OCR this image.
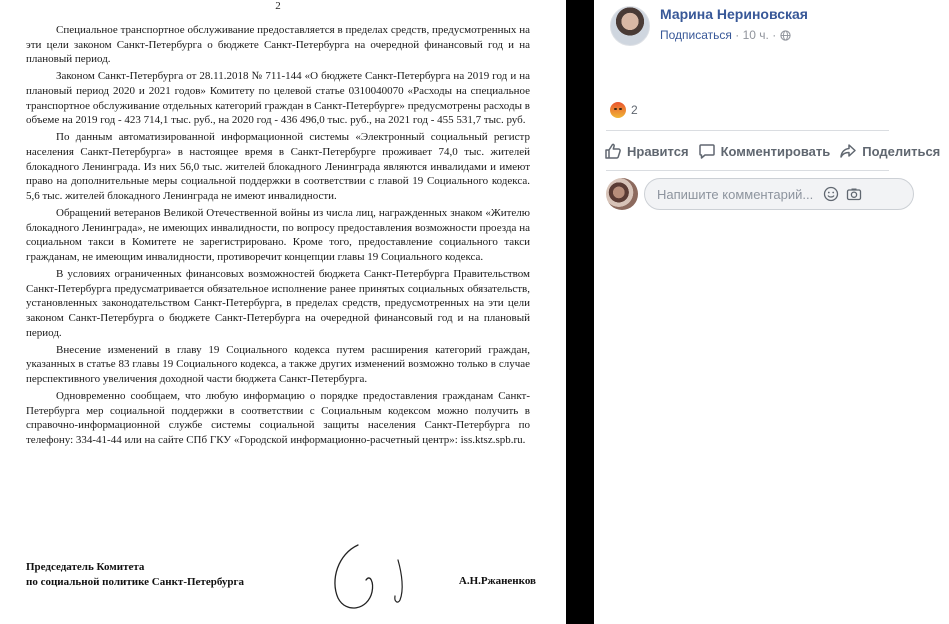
2

Специальное транспортное обслуживание предоставляется в пределах средств, предусмотренных на эти цели законом Санкт-Петербурга о бюджете Санкт-Петербурга на очередной финансовый год и на плановый период.

Законом Санкт-Петербурга от 28.11.2018 № 711-144 «О бюджете Санкт-Петербурга на 2019 год и на плановый период 2020 и 2021 годов» Комитету по целевой статье 0310040070 «Расходы на специальное транспортное обслуживание отдельных категорий граждан в Санкт-Петербурге» предусмотрены расходы в объеме на 2019 год - 423 714,1 тыс. руб., на 2020 год - 436 496,0 тыс. руб., на 2021 год - 455 531,7 тыс. руб.

По данным автоматизированной информационной системы «Электронный социальный регистр населения Санкт-Петербурга» в настоящее время в Санкт-Петербурге проживает 74,0 тыс. жителей блокадного Ленинграда. Из них 56,0 тыс. жителей блокадного Ленинграда являются инвалидами и имеют право на дополнительные меры социальной поддержки в соответствии с главой 19 Социального кодекса. 5,6 тыс. жителей блокадного Ленинграда не имеют инвалидности.

Обращений ветеранов Великой Отечественной войны из числа лиц, награжденных знаком «Жителю блокадного Ленинграда», не имеющих инвалидности, по вопросу предоставления возможности проезда на социальном такси в Комитете не зарегистрировано. Кроме того, предоставление социального такси гражданам, не имеющим инвалидности, противоречит концепции главы 19 Социального кодекса.

В условиях ограниченных финансовых возможностей бюджета Санкт-Петербурга Правительством Санкт-Петербурга предусматривается обязательное исполнение ранее принятых социальных обязательств, установленных законодательством Санкт-Петербурга, в пределах средств, предусмотренных на эти цели законом Санкт-Петербурга о бюджете Санкт-Петербурга на очередной финансовый год и на плановый период.

Внесение изменений в главу 19 Социального кодекса путем расширения категорий граждан, указанных в статье 83 главы 19 Социального кодекса, а также других изменений возможно только в случае перспективного увеличения доходной части бюджета Санкт-Петербурга.

Одновременно сообщаем, что любую информацию о порядке предоставления гражданам Санкт-Петербурга мер социальной поддержки в соответствии с Социальным кодексом можно получить в справочно-информационной службе системы социальной защиты населения Санкт-Петербурга по телефону: 334-41-44 или на сайте СПб ГКУ «Городской информационно-расчетный центр»: iss.ktsz.spb.ru.

Председатель Комитета
по социальной политике Санкт-Петербурга	А.Н.Ржаненков
Марина Нериновская
Подписаться · 10 ч. ·
2
Нравится Комментировать Поделиться
Напишите комментарий...
